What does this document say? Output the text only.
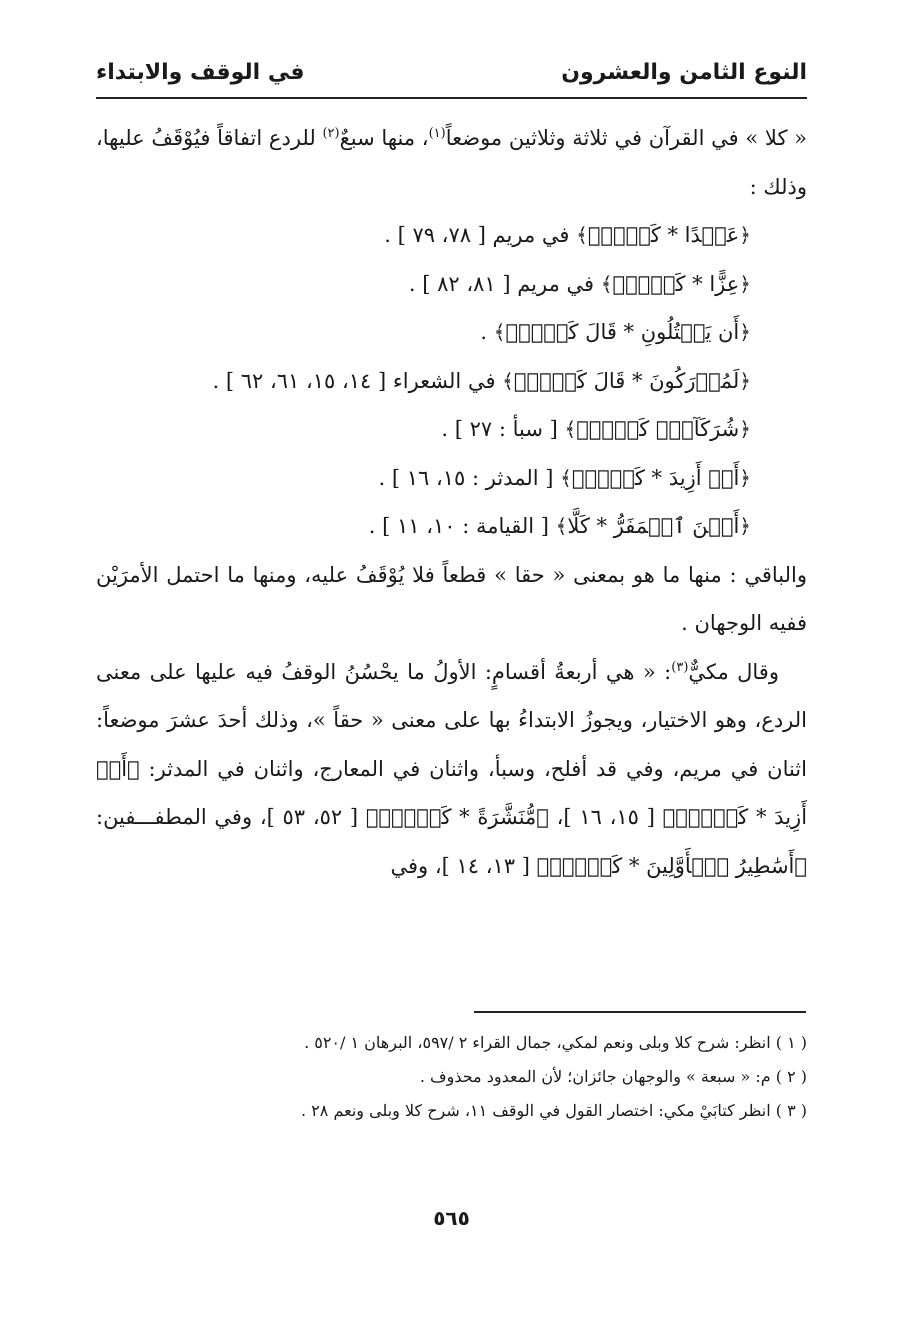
النوع الثامن والعشرون
في الوقف والابتداء

« كلا » في القرآن في ثلاثة وثلاثين موضعاً$^{(١)}$، منها سبعٌ$^{(٢)}$ للردع اتفاقاً فيُوْقَفُ عليها، وذلك :

﴿عَهۡدًا * كَلَّاۚ﴾ في مريم [ ٧٨، ٧٩ ] .

﴿عِزًّا * كَلَّاۚ﴾ في مريم [ ٨١، ٨٢ ] .

﴿أَن يَقۡتُلُونِ * قَالَ كَلَّاۖ﴾ .

﴿لَمُدۡرَكُونَ * قَالَ كَلَّآۖ﴾ في الشعراء [ ١٤، ١٥، ٦١، ٦٢ ] .

﴿شُرَكَآءَۖ كَلَّاۚ﴾ [ سبأ : ٢٧ ] .

﴿أَنۡ أَزِيدَ * كَلَّآۖ﴾ [ المدثر : ١٥، ١٦ ] .

﴿أَيۡنَ ٱلۡمَفَرُّ * كَلَّا﴾ [ القيامة : ١٠، ١١ ] .

والباقي : منها ما هو بمعنى « حقا » قطعاً فلا يُوْقَفُ عليه، ومنها ما احتمل الأمرَيْن ففيه الوجهان .

وقال مكيٌّ$^{(٣)}$: « هي أربعةُ أقسامٍ: الأولُ ما يحْسُنُ الوقفُ فيه عليها على معنى الردع، وهو الاختيار، ويجوزُ الابتداءُ بها على معنى « حقاً »، وذلك أحدَ عشرَ موضعاً: اثنان في مريم، وفي قد أفلح، وسبأ، واثنان في المعارج، واثنان في المدثر: ﴿أَنۡ أَزِيدَ * كَلَّآۖ﴾ [ ١٥، ١٦ ]، ﴿مُّنَشَّرَةً * كَلَّاۖ﴾ [ ٥٢، ٥٣ ]، وفي المطفـــفين: ﴿أَسَٰطِيرُ ٱلۡأَوَّلِينَ * كَلَّاۖ﴾ [ ١٣، ١٤ ]، وفي

( ١ ) انظر: شرح كلا وبلى ونعم لمكي، جمال القراء ٢ /٥٩٧، البرهان ١ /٥٢٠ .

( ٢ ) م: « سبعة » والوجهان جائزان؛ لأن المعدود محذوف .

( ٣ ) انظر كتابَيْ مكي: اختصار القول في الوقف ١١، شرح كلا وبلى ونعم ٢٨ .

٥٦٥
